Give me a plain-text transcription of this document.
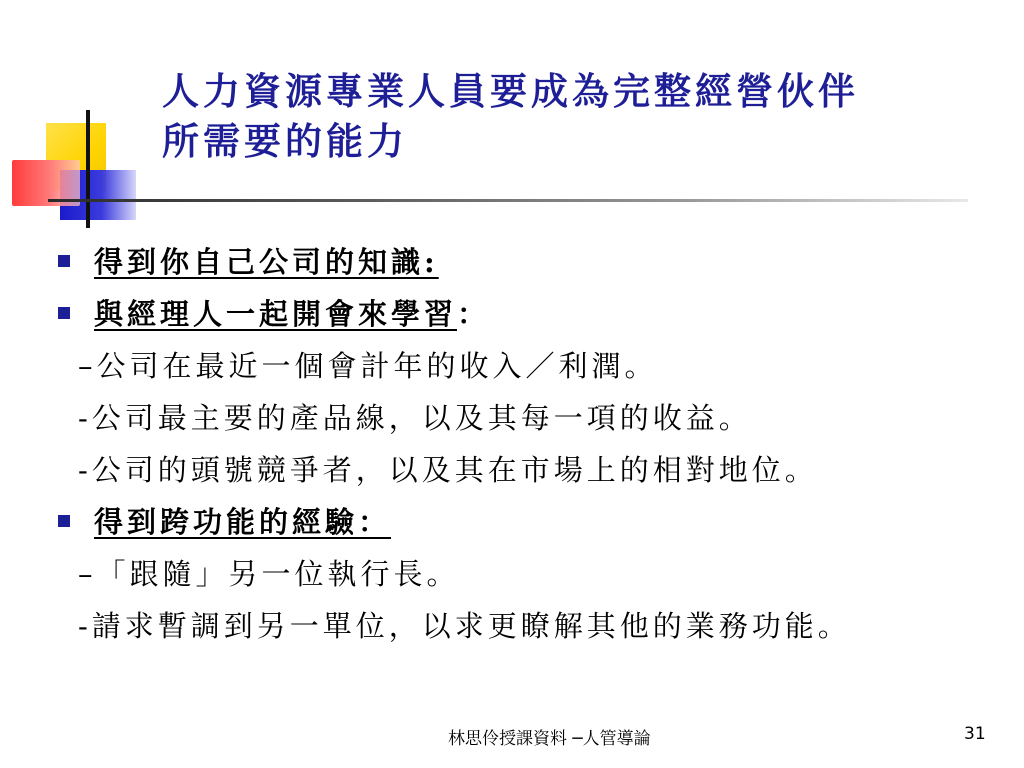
人力資源專業人員要成為完整經營伙伴
所需要的能力
得到你自己公司的知識:
與經理人一起開會來學習：
–公司在最近一個會計年的收入／利潤。
-公司最主要的產品線，以及其每一項的收益。
-公司的頭號競爭者，以及其在市場上的相對地位。
得到跨功能的經驗：
–「跟隨」另一位執行長。
-請求暫調到另一單位，以求更瞭解其他的業務功能。
林思伶授課資料 ─人管導論	31
